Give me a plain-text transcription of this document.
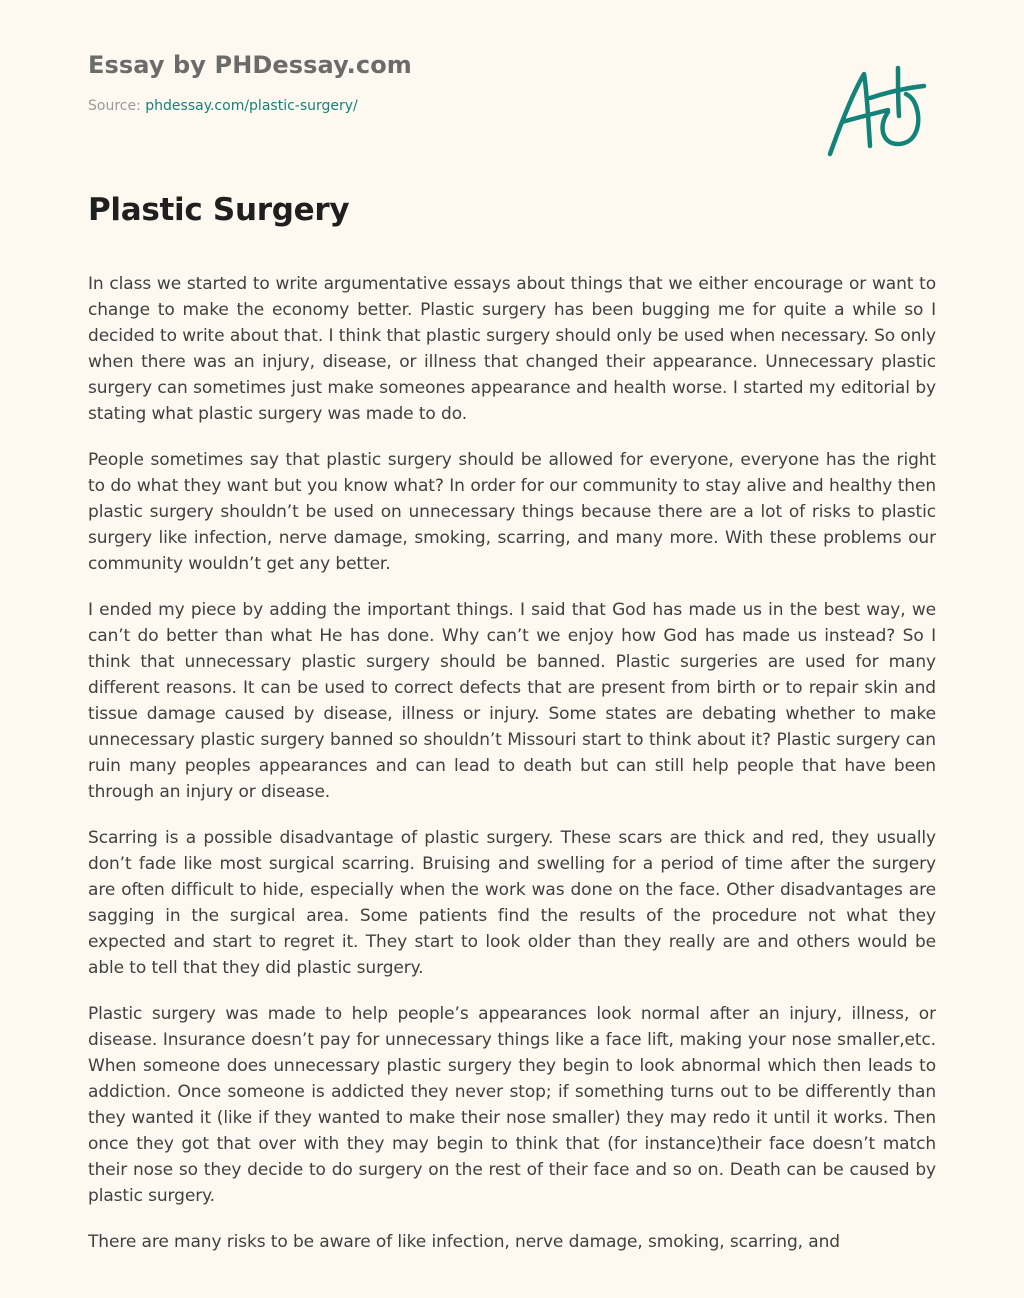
Essay by PHDessay.com
Source: phdessay.com/plastic-surgery/
Plastic Surgery

In class we started to write argumentative essays about things that we either encourage or want to change to make the economy better. Plastic surgery has been bugging me for quite a while so I decided to write about that. I think that plastic surgery should only be used when necessary. So only when there was an injury, disease, or illness that changed their appearance. Unnecessary plastic surgery can sometimes just make someones appearance and health worse. I started my editorial by stating what plastic surgery was made to do.

People sometimes say that plastic surgery should be allowed for everyone, everyone has the right to do what they want but you know what? In order for our community to stay alive and healthy then plastic surgery shouldn’t be used on unnecessary things because there are a lot of risks to plastic surgery like infection, nerve damage, smoking, scarring, and many more. With these problems our community wouldn’t get any better.

I ended my piece by adding the important things. I said that God has made us in the best way, we can’t do better than what He has done. Why can’t we enjoy how God has made us instead? So I think that unnecessary plastic surgery should be banned. Plastic surgeries are used for many different reasons. It can be used to correct defects that are present from birth or to repair skin and tissue damage caused by disease, illness or injury. Some states are debating whether to make unnecessary plastic surgery banned so shouldn’t Missouri start to think about it? Plastic surgery can ruin many peoples appearances and can lead to death but can still help people that have been through an injury or disease.

Scarring is a possible disadvantage of plastic surgery. These scars are thick and red, they usually don’t fade like most surgical scarring. Bruising and swelling for a period of time after the surgery are often difficult to hide, especially when the work was done on the face. Other disadvantages are sagging in the surgical area. Some patients find the results of the procedure not what they expected and start to regret it. They start to look older than they really are and others would be able to tell that they did plastic surgery.

Plastic surgery was made to help people’s appearances look normal after an injury, illness, or disease. Insurance doesn’t pay for unnecessary things like a face lift, making your nose smaller,etc. When someone does unnecessary plastic surgery they begin to look abnormal which then leads to addiction. Once someone is addicted they never stop; if something turns out to be differently than they wanted it (like if they wanted to make their nose smaller) they may redo it until it works. Then once they got that over with they may begin to think that (for instance)their face doesn’t match their nose so they decide to do surgery on the rest of their face and so on. Death can be caused by plastic surgery.

There are many risks to be aware of like infection, nerve damage, smoking, scarring, and
